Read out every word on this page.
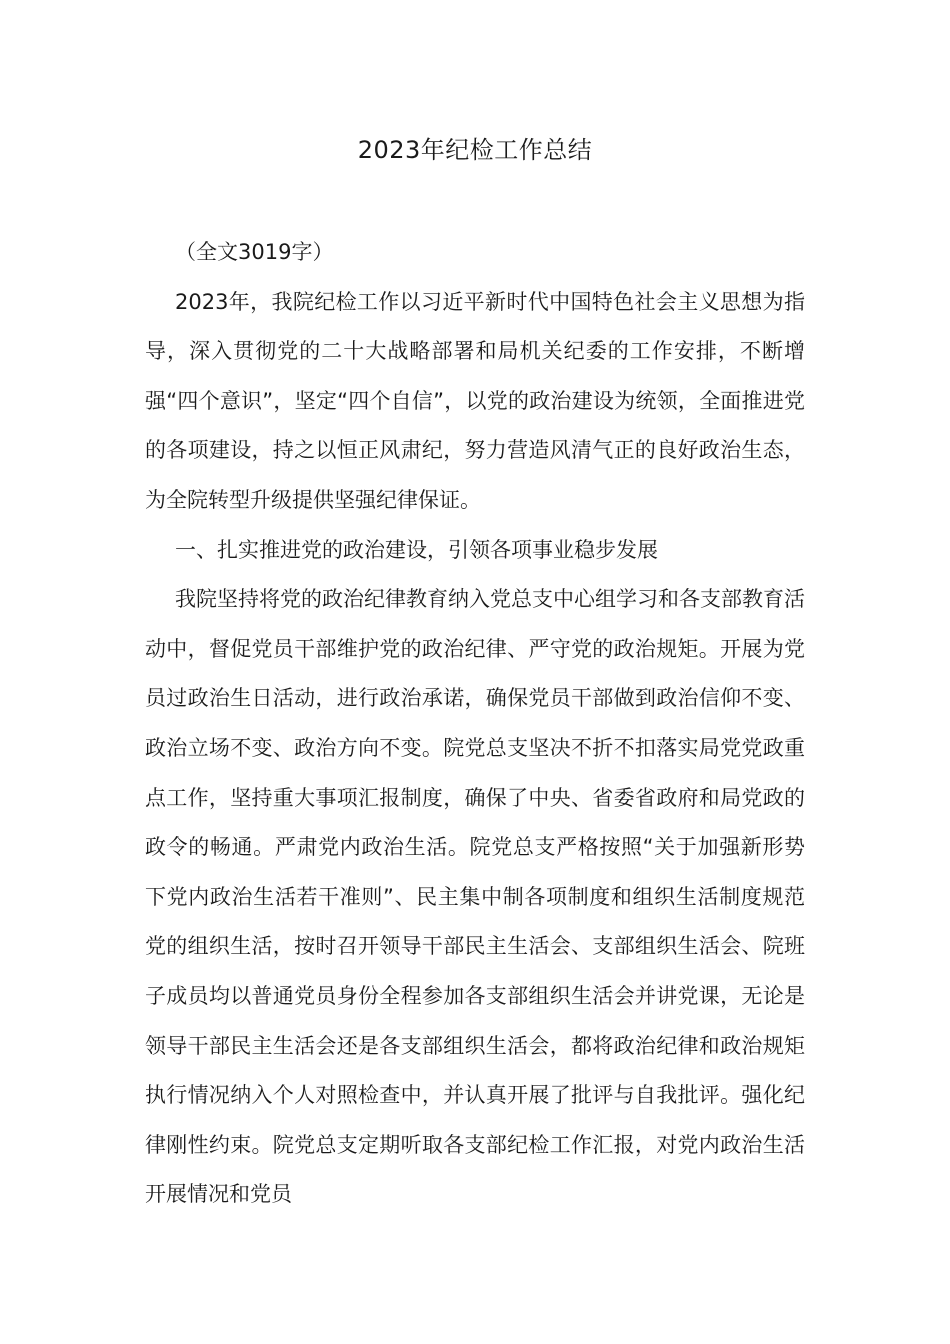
2023年纪检工作总结

（全文3019字）

2023年，我院纪检工作以习近平新时代中国特色社会主义思想为指导，深入贯彻党的二十大战略部署和局机关纪委的工作安排，不断增强“四个意识”，坚定“四个自信”，以党的政治建设为统领，全面推进党的各项建设，持之以恒正风肃纪，努力营造风清气正的良好政治生态，为全院转型升级提供坚强纪律保证。

一、扎实推进党的政治建设，引领各项事业稳步发展

我院坚持将党的政治纪律教育纳入党总支中心组学习和各支部教育活动中，督促党员干部维护党的政治纪律、严守党的政治规矩。开展为党员过政治生日活动，进行政治承诺，确保党员干部做到政治信仰不变、政治立场不变、政治方向不变。院党总支坚决不折不扣落实局党党政重点工作，坚持重大事项汇报制度，确保了中央、省委省政府和局党政的政令的畅通。严肃党内政治生活。院党总支严格按照“关于加强新形势下党内政治生活若干准则”、民主集中制各项制度和组织生活制度规范党的组织生活，按时召开领导干部民主生活会、支部组织生活会、院班子成员均以普通党员身份全程参加各支部组织生活会并讲党课，无论是领导干部民主生活会还是各支部组织生活会，都将政治纪律和政治规矩执行情况纳入个人对照检查中，并认真开展了批评与自我批评。强化纪律刚性约束。院党总支定期听取各支部纪检工作汇报，对党内政治生活开展情况和党员
